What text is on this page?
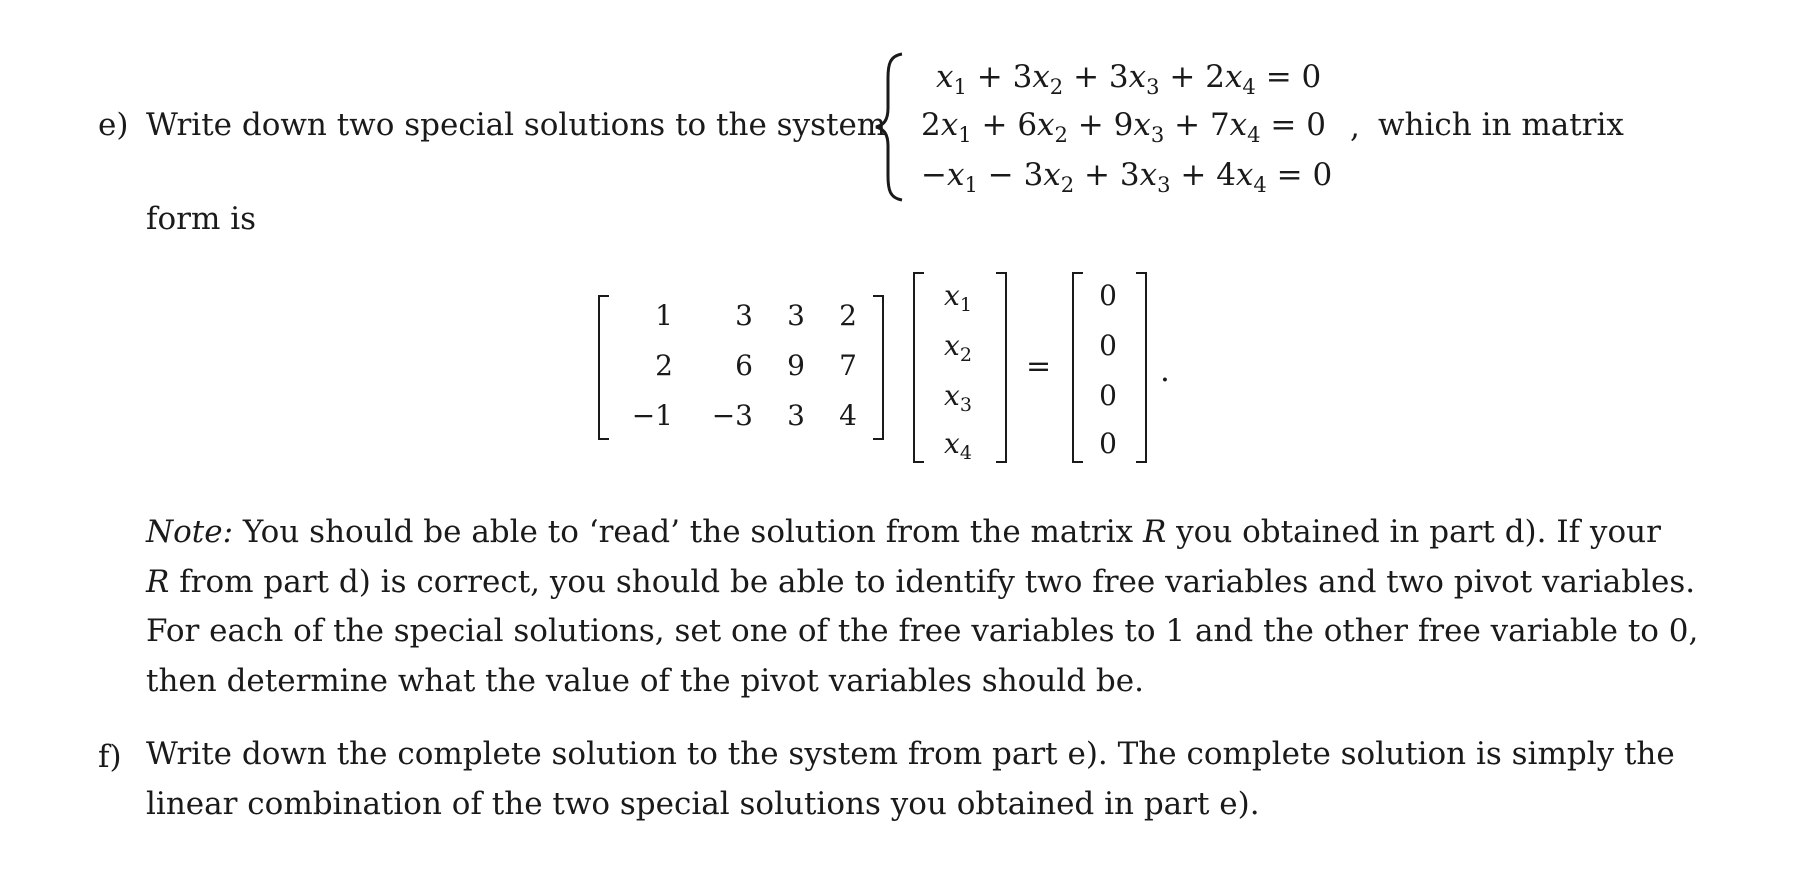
e) Write down two special solutions to the system
$x_1 + 3x_2 + 3x_3 + 2x_4 = 0$
$2x_1 + 6x_2 + 9x_3 + 7x_4 = 0$
$-x_1 - 3x_2 + 3x_3 + 4x_4 = 0$
, which in matrix
form is
1	3	3	2
2	6	9	7
−1	−3	3	4
$x_1$
$x_2$
$x_3$
$x_4$
=
0
0
0
0
.
Note: You should be able to ‘read’ the solution from the matrix R you obtained in part d). If your
R from part d) is correct, you should be able to identify two free variables and two pivot variables.
For each of the special solutions, set one of the free variables to 1 and the other free variable to 0,
then determine what the value of the pivot variables should be.
f) Write down the complete solution to the system from part e). The complete solution is simply the
linear combination of the two special solutions you obtained in part e).
